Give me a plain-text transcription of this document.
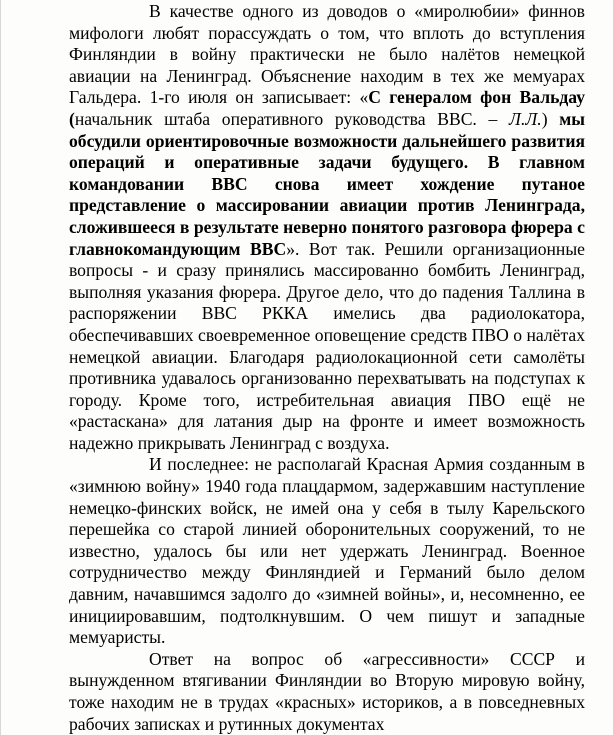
В качестве одного из доводов о «миролюбии» финнов мифологи любят порассуждать о том, что вплоть до вступления Финляндии в войну практически не было налётов немецкой авиации на Ленинград. Объяснение находим в тех же мемуарах Гальдера. 1-го июля он записывает: «С генералом фон Вальдау (начальник штаба оперативного руководства ВВС. – Л.Л.) мы обсудили ориентировочные возможности дальнейшего развития операций и оперативные задачи будущего. В главном командовании ВВС снова имеет хождение путаное представление о массировании авиации против Ленинграда, сложившееся в результате неверно понятого разговора фюрера с главнокомандующим ВВС». Вот так. Решили организационные вопросы - и сразу принялись массированно бомбить Ленинград, выполняя указания фюрера. Другое дело, что до падения Таллина в распоряжении ВВС РККА имелись два радиолокатора, обеспечивавших своевременное оповещение средств ПВО о налётах немецкой авиации. Благодаря радиолокационной сети самолёты противника удавалось организованно перехватывать на подступах к городу. Кроме того, истребительная авиация ПВО ещё не «растаскана» для латания дыр на фронте и имеет возможность надежно прикрывать Ленинград с воздуха.

И последнее: не располагай Красная Армия созданным в «зимнюю войну» 1940 года плацдармом, задержавшим наступление немецко-финских войск, не имей она у себя в тылу Карельского перешейка со старой линией оборонительных сооружений, то не известно, удалось бы или нет удержать Ленинград. Военное сотрудничество между Финляндией и Германий было делом давним, начавшимся задолго до «зимней войны», и, несомненно, ее инициировавшим, подтолкнувшим. О чем пишут и западные мемуаристы.

Ответ на вопрос об «агрессивности» СССР и вынужденном втягивании Финляндии во Вторую мировую войну, тоже находим не в трудах «красных» историков, а в повседневных рабочих записках и рутинных документах
